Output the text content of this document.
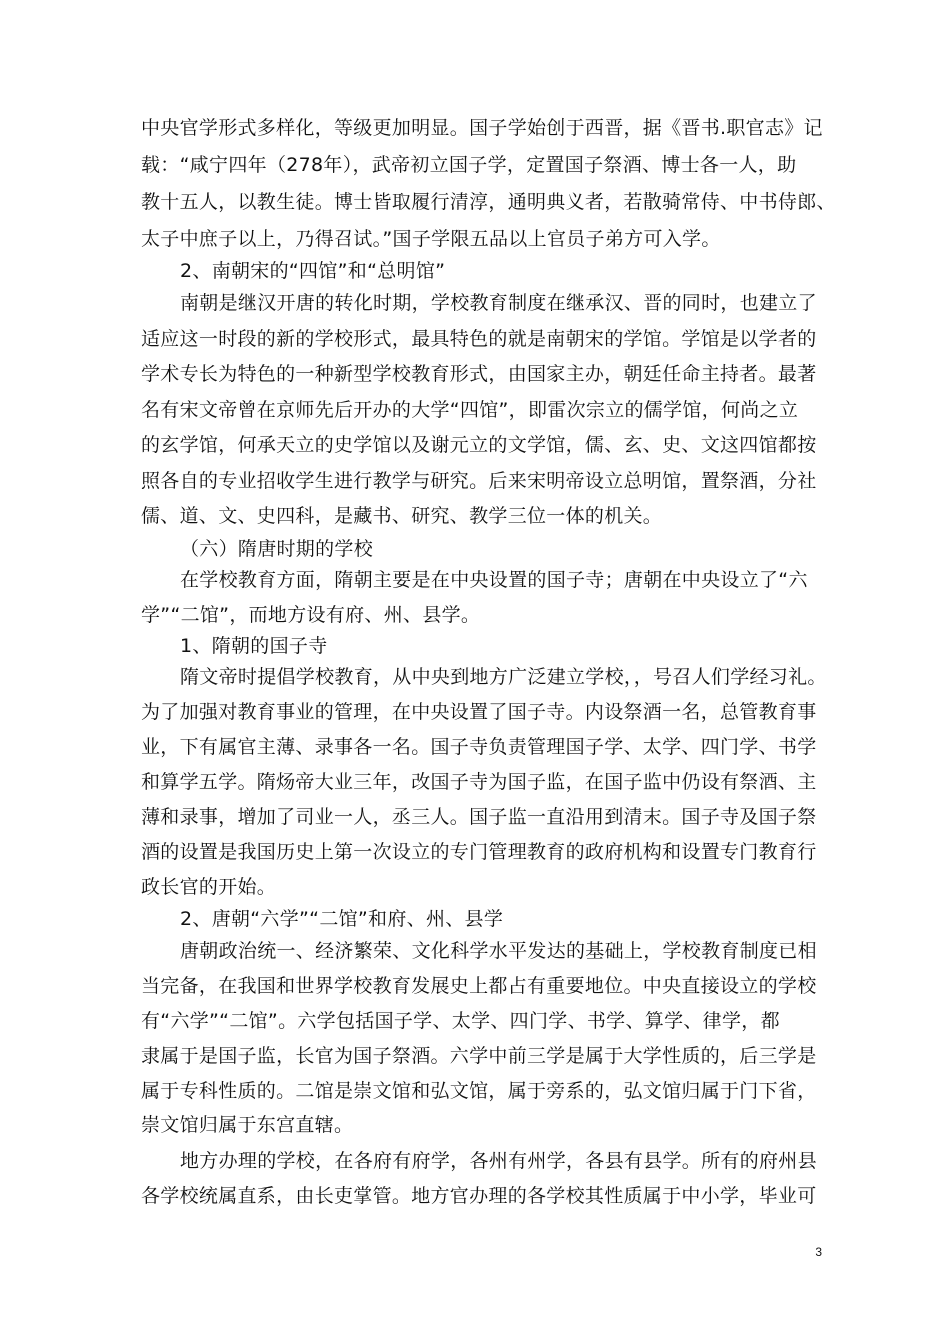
中央官学形式多样化，等级更加明显。国子学始创于西晋，据《晋书.职官志》记
载：“咸宁四年（278年），武帝初立国子学，定置国子祭酒、博士各一人，助
教十五人，以教生徒。博士皆取履行清淳，通明典义者，若散骑常侍、中书侍郎、
太子中庶子以上，乃得召试。”国子学限五品以上官员子弟方可入学。
2、南朝宋的“四馆”和“总明馆”
南朝是继汉开唐的转化时期，学校教育制度在继承汉、晋的同时，也建立了
适应这一时段的新的学校形式，最具特色的就是南朝宋的学馆。学馆是以学者的
学术专长为特色的一种新型学校教育形式，由国家主办，朝廷任命主持者。最著
名有宋文帝曾在京师先后开办的大学“四馆”，即雷次宗立的儒学馆，何尚之立
的玄学馆，何承天立的史学馆以及谢元立的文学馆，儒、玄、史、文这四馆都按
照各自的专业招收学生进行教学与研究。后来宋明帝设立总明馆，置祭酒，分社
儒、道、文、史四科，是藏书、研究、教学三位一体的机关。
（六）隋唐时期的学校
在学校教育方面，隋朝主要是在中央设置的国子寺；唐朝在中央设立了“六
学”“二馆”，而地方设有府、州、县学。
1、隋朝的国子寺
隋文帝时提倡学校教育，从中央到地方广泛建立学校，，号召人们学经习礼。
为了加强对教育事业的管理，在中央设置了国子寺。内设祭酒一名，总管教育事
业，下有属官主薄、录事各一名。国子寺负责管理国子学、太学、四门学、书学
和算学五学。隋炀帝大业三年，改国子寺为国子监，在国子监中仍设有祭酒、主
薄和录事，增加了司业一人，丞三人。国子监一直沿用到清末。国子寺及国子祭
酒的设置是我国历史上第一次设立的专门管理教育的政府机构和设置专门教育行
政长官的开始。
2、唐朝“六学”“二馆”和府、州、县学
唐朝政治统一、经济繁荣、文化科学水平发达的基础上，学校教育制度已相
当完备，在我国和世界学校教育发展史上都占有重要地位。中央直接设立的学校
有“六学”“二馆”。六学包括国子学、太学、四门学、书学、算学、律学，都
隶属于是国子监，长官为国子祭酒。六学中前三学是属于大学性质的，后三学是
属于专科性质的。二馆是崇文馆和弘文馆，属于旁系的，弘文馆归属于门下省，
崇文馆归属于东宫直辖。
地方办理的学校，在各府有府学，各州有州学，各县有县学。所有的府州县
各学校统属直系，由长吏掌管。地方官办理的各学校其性质属于中小学，毕业可
3
